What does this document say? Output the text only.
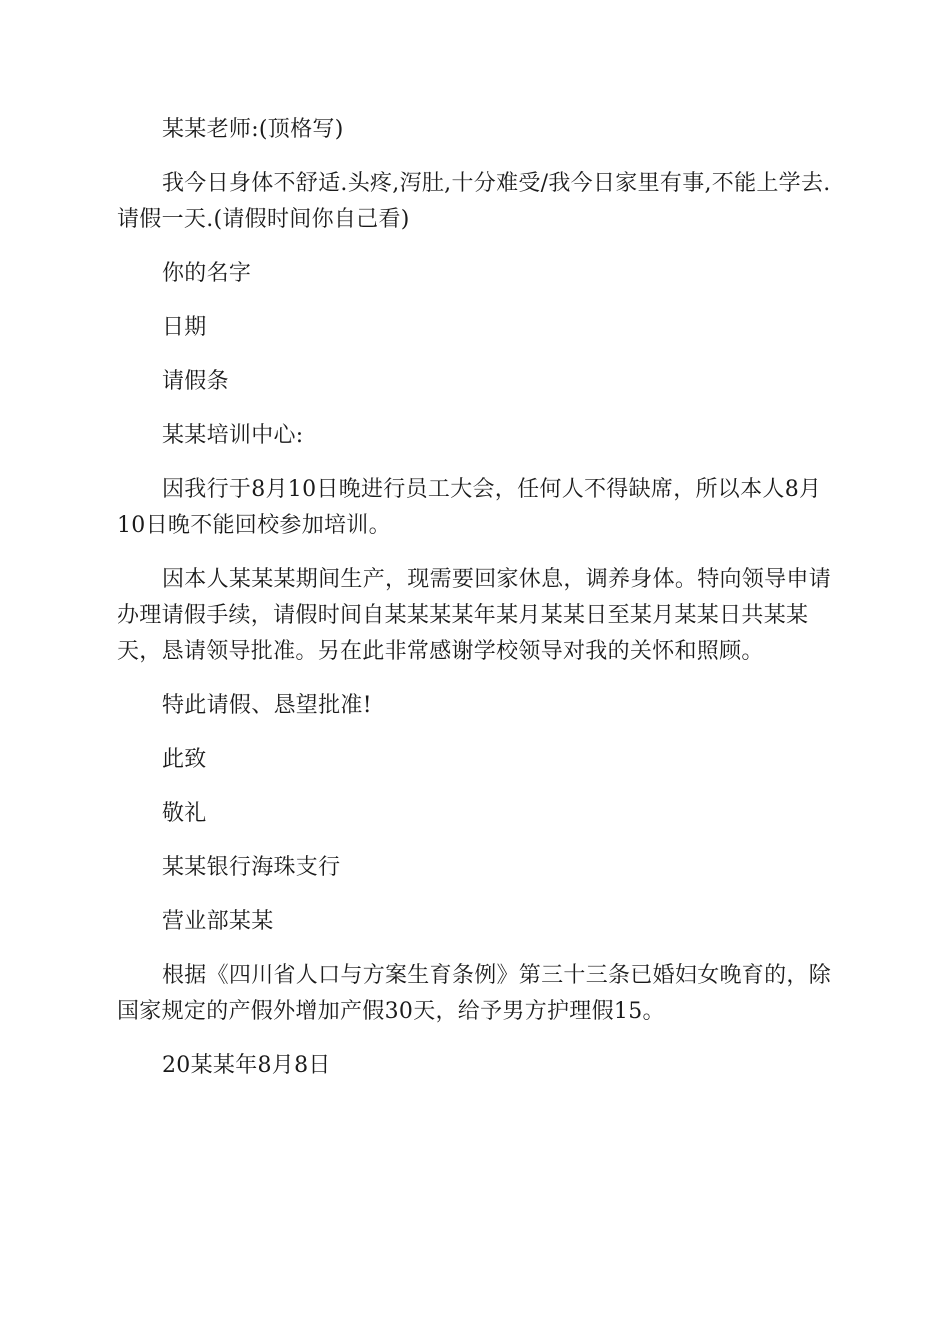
某某老师:(顶格写)

我今日身体不舒适.头疼,泻肚,十分难受/我今日家里有事,不能上学去.请假一天.(请假时间你自己看)

你的名字

日期

请假条

某某培训中心:

因我行于8月10日晚进行员工大会，任何人不得缺席，所以本人8月10日晚不能回校参加培训。

因本人某某某期间生产，现需要回家休息，调养身体。特向领导申请办理请假手续，请假时间自某某某某年某月某某日至某月某某日共某某天，恳请领导批准。另在此非常感谢学校领导对我的关怀和照顾。

特此请假、恳望批准!

此致

敬礼

某某银行海珠支行

营业部某某

根据《四川省人口与方案生育条例》第三十三条已婚妇女晚育的，除国家规定的产假外增加产假30天，给予男方护理假15。

20某某年8月8日
